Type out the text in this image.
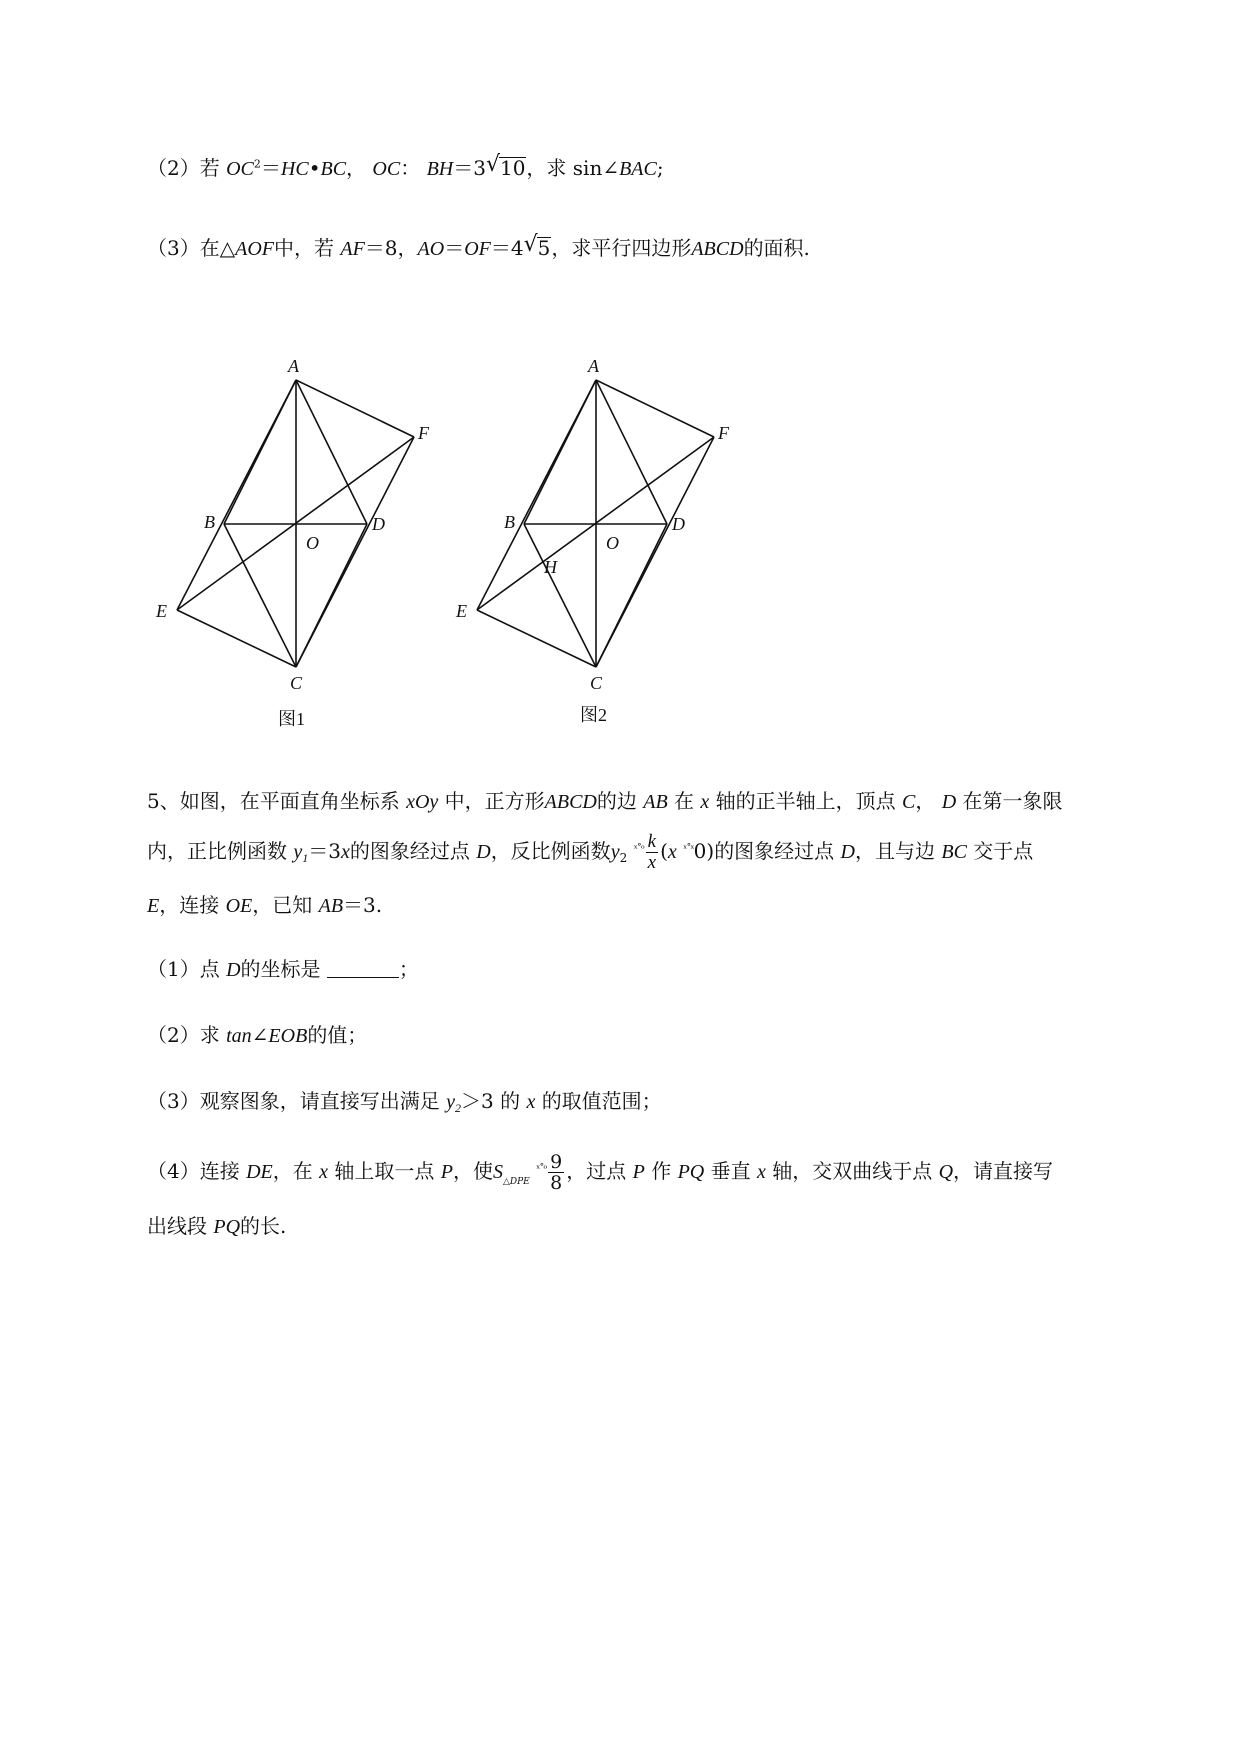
（2）若 $OC^2=HC•BC$， OC： BH＝3 √ 10，求 sin∠BAC;
（3）在△AOF中，若 AF＝8，AO＝OF＝4 √ 5，求平行四边形ABCD的面积.
A
F
B
O
D
E
C
图1
A
F
B
O
D
H
E
C
图2
5、如图，在平面直角坐标系 xOy 中，正方形ABCD的边 AB 在 x 轴的正半轴上，顶点 C， D 在第一象限
内，正比例函数 $y_1=3x$的图象经过点 D，反比例函数$y_2$ $^{ˣ˚ᵒ} \frac{k}{x} (x$ $^{ˣ˚ˣ}$0)的图象经过点 D，且与边 BC 交于点
E，连接 OE，已知 AB＝3.
（1）点 D的坐标是	；
（2）求 tan∠EOB的值；
（3）观察图象，请直接写出满足 $y_2>3$ 的 x 的取值范围；
（4）连接 DE，在 x 轴上取一点 P，使$S_{\triangle DPE}$ $^{ˣ˚ᵒ} \frac{9}{8}$ ，过点 P 作 PQ 垂直 x 轴，交双曲线于点 Q，请直接写
出线段 PQ的长.
